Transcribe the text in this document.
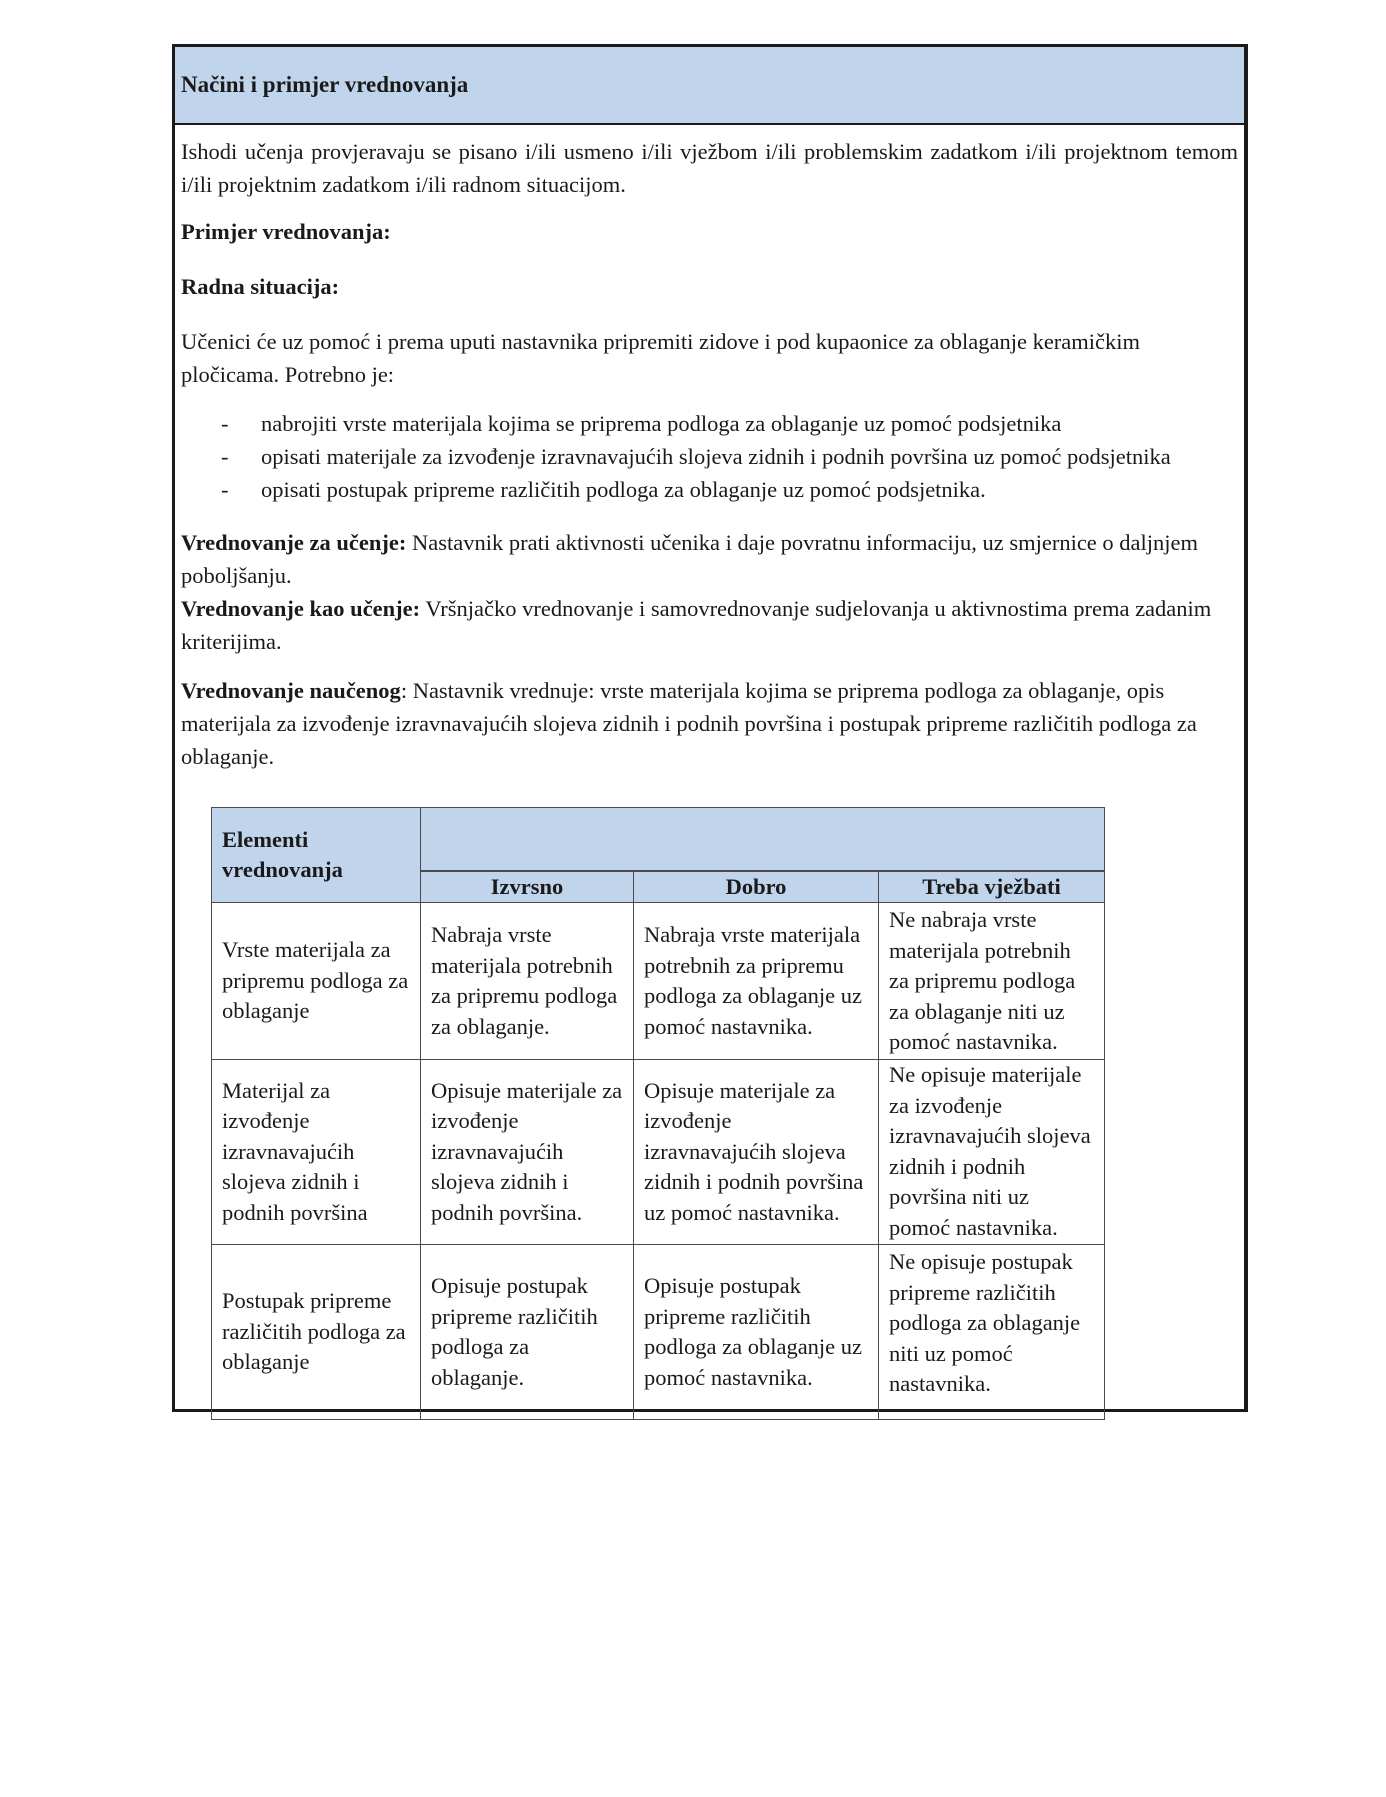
Načini i primjer vrednovanja

Ishodi učenja provjeravaju se pisano i/ili usmeno i/ili vježbom i/ili problemskim zadatkom i/ili projektnom temom i/ili projektnim zadatkom i/ili radnom situacijom.

Primjer vrednovanja:

Radna situacija:

Učenici će uz pomoć i prema uputi nastavnika pripremiti zidove i pod kupaonice za oblaganje keramičkim pločicama. Potrebno je:

- nabrojiti vrste materijala kojima se priprema podloga za oblaganje uz pomoć podsjetnika
- opisati materijale za izvođenje izravnavajućih slojeva zidnih i podnih površina uz pomoć podsjetnika
- opisati postupak pripreme različitih podloga za oblaganje uz pomoć podsjetnika.
Vrednovanje za učenje: Nastavnik prati aktivnosti učenika i daje povratnu informaciju, uz smjernice o daljnjem poboljšanju.
Vrednovanje kao učenje: Vršnjačko vrednovanje i samovrednovanje sudjelovanja u aktivnostima prema zadanim kriterijima.
Vrednovanje naučenog: Nastavnik vrednuje: vrste materijala kojima se priprema podloga za oblaganje, opis materijala za izvođenje izravnavajućih slojeva zidnih i podnih površina i postupak pripreme različitih podloga za oblaganje.
Elementi vrednovanja			
	Izvrsno	Dobro	Treba vježbati
Vrste materijala za pripremu podloga za oblaganje	Nabraja vrste materijala potrebnih za pripremu podloga za oblaganje.	Nabraja vrste materijala potrebnih za pripremu podloga za oblaganje uz pomoć nastavnika.	Ne nabraja vrste materijala potrebnih za pripremu podloga za oblaganje niti uz pomoć nastavnika.
Materijal za izvođenje izravnavajućih slojeva zidnih i podnih površina	Opisuje materijale za izvođenje izravnavajućih slojeva zidnih i podnih površina.	Opisuje materijale za izvođenje izravnavajućih slojeva zidnih i podnih površina uz pomoć nastavnika.	Ne opisuje materijale za izvođenje izravnavajućih slojeva zidnih i podnih površina niti uz pomoć nastavnika.
Postupak pripreme različitih podloga za oblaganje	Opisuje postupak pripreme različitih podloga za oblaganje.	Opisuje postupak pripreme različitih podloga za oblaganje uz pomoć nastavnika.	Ne opisuje postupak pripreme različitih podloga za oblaganje niti uz pomoć nastavnika.
